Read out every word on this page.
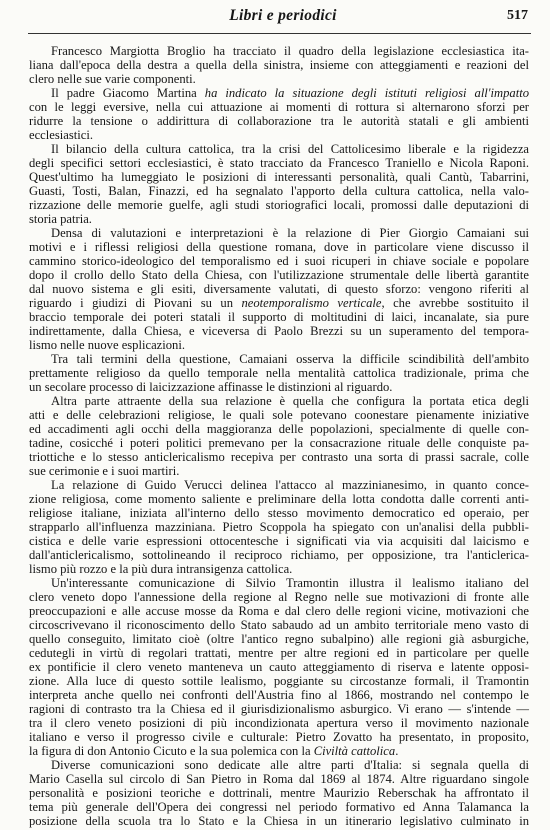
Libri e periodici	517
Francesco Margiotta Broglio ha tracciato il quadro della legislazione ecclesiastica ita-
liana dall'epoca della destra a quella della sinistra, insieme con atteggiamenti e reazioni del
clero nelle sue varie componenti.
Il padre Giacomo Martina ha indicato la situazione degli istituti religiosi all'impatto
con le leggi eversive, nella cui attuazione ai momenti di rottura si alternarono sforzi per
ridurre la tensione o addirittura di collaborazione tra le autorità statali e gli ambienti
ecclesiastici.
Il bilancio della cultura cattolica, tra la crisi del Cattolicesimo liberale e la rigidezza
degli specifici settori ecclesiastici, è stato tracciato da Francesco Traniello e Nicola Raponi.
Quest'ultimo ha lumeggiato le posizioni di interessanti personalità, quali Cantù, Tabarrini,
Guasti, Tosti, Balan, Finazzi, ed ha segnalato l'apporto della cultura cattolica, nella valo-
rizzazione delle memorie guelfe, agli studi storiografici locali, promossi dalle deputazioni di
storia patria.
Densa di valutazioni e interpretazioni è la relazione di Pier Giorgio Camaiani sui
motivi e i riflessi religiosi della questione romana, dove in particolare viene discusso il
cammino storico-ideologico del temporalismo ed i suoi ricuperi in chiave sociale e popolare
dopo il crollo dello Stato della Chiesa, con l'utilizzazione strumentale delle libertà garantite
dal nuovo sistema e gli esiti, diversamente valutati, di questo sforzo: vengono riferiti al
riguardo i giudizi di Piovani su un neotemporalismo verticale, che avrebbe sostituito il
braccio temporale dei poteri statali il supporto di moltitudini di laici, incanalate, sia pure
indirettamente, dalla Chiesa, e viceversa di Paolo Brezzi su un superamento del tempora-
lismo nelle nuove esplicazioni.
Tra tali termini della questione, Camaiani osserva la difficile scindibilità dell'ambito
prettamente religioso da quello temporale nella mentalità cattolica tradizionale, prima che
un secolare processo di laicizzazione affinasse le distinzioni al riguardo.
Altra parte attraente della sua relazione è quella che configura la portata etica degli
atti e delle celebrazioni religiose, le quali sole potevano coonestare pienamente iniziative
ed accadimenti agli occhi della maggioranza delle popolazioni, specialmente di quelle con-
tadine, cosicché i poteri politici premevano per la consacrazione rituale delle conquiste pa-
triottiche e lo stesso anticlericalismo recepiva per contrasto una sorta di prassi sacrale, colle
sue cerimonie e i suoi martiri.
La relazione di Guido Verucci delinea l'attacco al mazzinianesimo, in quanto conce-
zione religiosa, come momento saliente e preliminare della lotta condotta dalle correnti anti-
religiose italiane, iniziata all'interno dello stesso movimento democratico ed operaio, per
strapparlo all'influenza mazziniana. Pietro Scoppola ha spiegato con un'analisi della pubbli-
cistica e delle varie espressioni ottocentesche i significati via via acquisiti dal laicismo e
dall'anticlericalismo, sottolineando il reciproco richiamo, per opposizione, tra l'anticlerica-
lismo più rozzo e la più dura intransigenza cattolica.
Un'interessante comunicazione di Silvio Tramontin illustra il lealismo italiano del
clero veneto dopo l'annessione della regione al Regno nelle sue motivazioni di fronte alle
preoccupazioni e alle accuse mosse da Roma e dal clero delle regioni vicine, motivazioni che
circoscrivevano il riconoscimento dello Stato sabaudo ad un ambito territoriale meno vasto di
quello conseguito, limitato cioè (oltre l'antico regno subalpino) alle regioni già asburgiche,
cedutegli in virtù di regolari trattati, mentre per altre regioni ed in particolare per quelle
ex pontificie il clero veneto manteneva un cauto atteggiamento di riserva e latente opposi-
zione. Alla luce di questo sottile lealismo, poggiante su circostanze formali, il Tramontin
interpreta anche quello nei confronti dell'Austria fino al 1866, mostrando nel contempo le
ragioni di contrasto tra la Chiesa ed il giurisdizionalismo asburgico. Vi erano — s'intende —
tra il clero veneto posizioni di più incondizionata apertura verso il movimento nazionale
italiano e verso il progresso civile e culturale: Pietro Zovatto ha presentato, in proposito,
la figura di don Antonio Cicuto e la sua polemica con la Civiltà cattolica.
Diverse comunicazioni sono dedicate alle altre parti d'Italia: si segnala quella di
Mario Casella sul circolo di San Pietro in Roma dal 1869 al 1874. Altre riguardano singole
personalità e posizioni teoriche e dottrinali, mentre Maurizio Reberschak ha affrontato il
tema più generale dell'Opera dei congressi nel periodo formativo ed Anna Talamanca la
posizione della scuola tra lo Stato e la Chiesa in un itinerario legislativo culminato in
